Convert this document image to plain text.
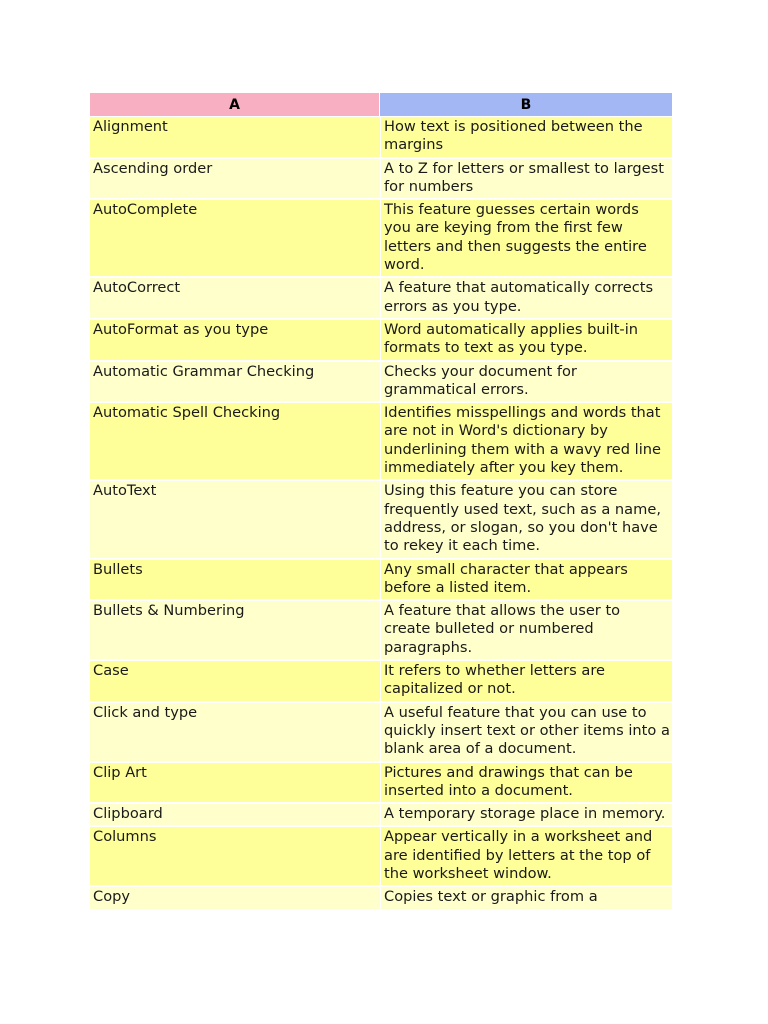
A	B
Alignment	How text is positioned between the margins
Ascending order	A to Z for letters or smallest to largest for numbers
AutoComplete	This feature guesses certain words you are keying from the first few letters and then suggests the entire word.
AutoCorrect	A feature that automatically corrects errors as you type.
AutoFormat as you type	Word automatically applies built-in formats to text as you type.
Automatic Grammar Checking	Checks your document for grammatical errors.
Automatic Spell Checking	Identifies misspellings and words that are not in Word's dictionary by underlining them with a wavy red line immediately after you key them.
AutoText	Using this feature you can store frequently used text, such as a name, address, or slogan, so you don't have to rekey it each time.
Bullets	Any small character that appears before a listed item.
Bullets & Numbering	A feature that allows the user to create bulleted or numbered paragraphs.
Case	It refers to whether letters are capitalized or not.
Click and type	A useful feature that you can use to quickly insert text or other items into a blank area of a document.
Clip Art	Pictures and drawings that can be inserted into a document.
Clipboard	A temporary storage place in memory.
Columns	Appear vertically in a worksheet and are identified by letters at the top of the worksheet window.
Copy	Copies text or graphic from a
